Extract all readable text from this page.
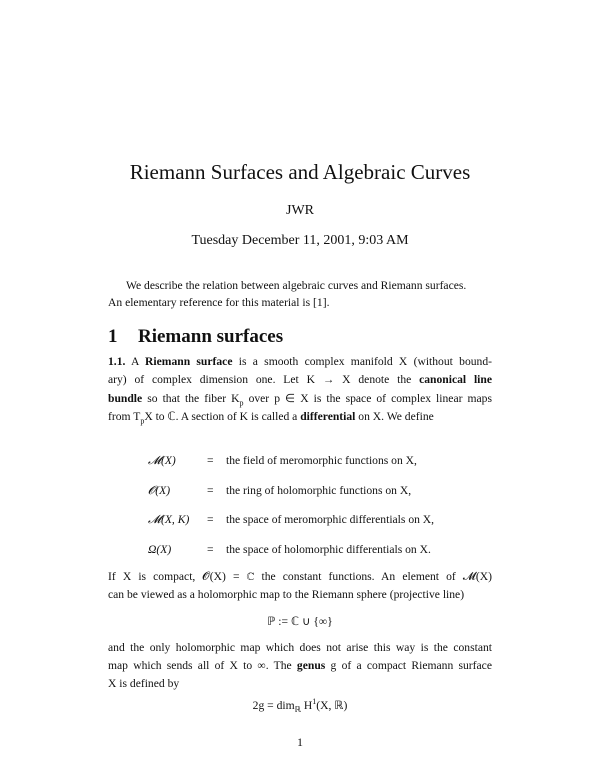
Riemann Surfaces and Algebraic Curves
JWR
Tuesday December 11, 2001, 9:03 AM

We describe the relation between algebraic curves and Riemann surfaces.

An elementary reference for this material is [1].

1 Riemann surfaces
1.1. A Riemann surface is a smooth complex manifold X (without bound-
ary) of complex dimension one. Let K → X denote the canonical line
bundle so that the fiber $K_p$ over p ∈ X is the space of complex linear maps
from $T_pX$ to ℂ. A section of K is called a differential on X. We define
𝓜(X)	= the field of meromorphic functions on X,
𝓞(X)	= the ring of holomorphic functions on X,
𝓜(X, K) = the space of meromorphic differentials on X,
Ω(X)	= the space of holomorphic differentials on X.
If X is compact, 𝓞(X) = ℂ the constant functions. An element of 𝓜(X)
can be viewed as a holomorphic map to the Riemann sphere (projective line)
ℙ := ℂ ∪ {∞}
and the only holomorphic map which does not arise this way is the constant
map which sends all of X to ∞. The genus g of a compact Riemann surface
X is defined by
2g = dim$_ℝ$ $H^1(X$, ℝ)
1
